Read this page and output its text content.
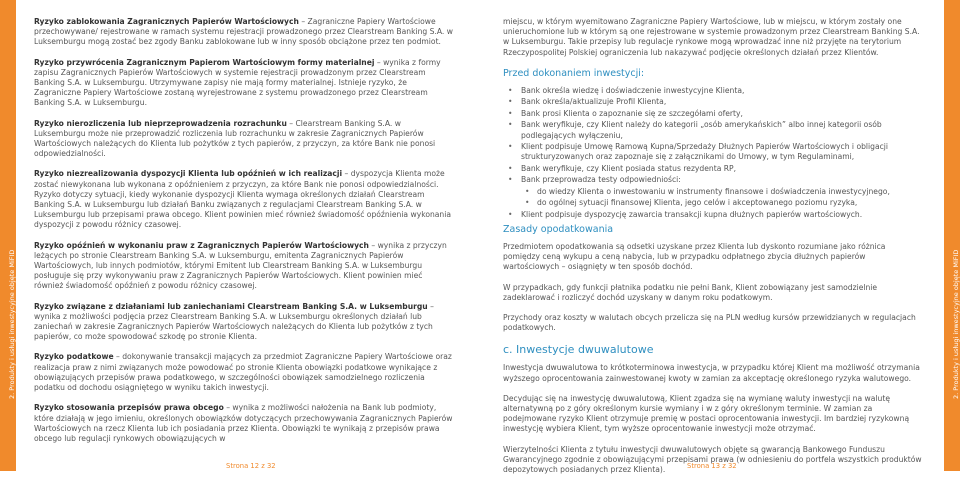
2. Produkty i usługi inwestycyjne objęte MiFID	2. Produkty i usługi inwestycyjne objęte MiFID

Ryzyko zablokowania Zagranicznych Papierów Wartościowych – Zagraniczne Papiery Wartościowe przechowywane/ rejestrowane w ramach systemu rejestracji prowadzonego przez Clearstream Banking S.A. w Luksemburgu mogą zostać bez zgody Banku zablokowane lub w inny sposób obciążone przez ten podmiot.

Ryzyko przywrócenia Zagranicznym Papierom Wartościowym formy materialnej – wynika z formy zapisu Zagranicznych Papierów Wartościowych w systemie rejestracji prowadzonym przez Clearstream Banking S.A. w Luksemburgu. Utrzymywane zapisy nie mają formy materialnej. Istnieje ryzyko, że Zagraniczne Papiery Wartościowe zostaną wyrejestrowane z systemu prowadzonego przez Clearstream Banking S.A. w Luksemburgu.

Ryzyko nierozliczenia lub nieprzeprowadzenia rozrachunku – Clearstream Banking S.A. w Luksemburgu może nie przeprowadzić rozliczenia lub rozrachunku w zakresie Zagranicznych Papierów Wartościowych należących do Klienta lub pożytków z tych papierów, z przyczyn, za które Bank nie ponosi odpowiedzialności.

Ryzyko niezrealizowania dyspozycji Klienta lub opóźnień w ich realizacji – dyspozycja Klienta może zostać niewykonana lub wykonana z opóźnieniem z przyczyn, za które Bank nie ponosi odpowiedzialności. Ryzyko dotyczy sytuacji, kiedy wykonanie dyspozycji Klienta wymaga określonych działań Clearstream Banking S.A. w Luksemburgu lub działań Banku związanych z regulacjami Clearstream Banking S.A. w Luksemburgu lub przepisami prawa obcego. Klient powinien mieć również świadomość opóźnienia wykonania dyspozycji z powodu różnicy czasowej.

Ryzyko opóźnień w wykonaniu praw z Zagranicznych Papierów Wartościowych – wynika z przyczyn leżących po stronie Clearstream Banking S.A. w Luksemburgu, emitenta Zagranicznych Papierów Wartościowych, lub innych podmiotów, którymi Emitent lub Clearstream Banking S.A. w Luksemburgu posługuje się przy wykonywaniu praw z Zagranicznych Papierów Wartościowych. Klient powinien mieć również świadomość opóźnień z powodu różnicy czasowej.

Ryzyko związane z działaniami lub zaniechaniami Clearstream Banking S.A. w Luksemburgu – wynika z możliwości podjęcia przez Clearstream Banking S.A. w Luksemburgu określonych działań lub zaniechań w zakresie Zagranicznych Papierów Wartościowych należących do Klienta lub pożytków z tych papierów, co może spowodować szkodę po stronie Klienta.

Ryzyko podatkowe – dokonywanie transakcji mających za przedmiot Zagraniczne Papiery Wartościowe oraz realizacja praw z nimi związanych może powodować po stronie Klienta obowiązki podatkowe wynikające z obowiązujących przepisów prawa podatkowego, w szczególności obowiązek samodzielnego rozliczenia podatku od dochodu osiągniętego w wyniku takich inwestycji.

Ryzyko stosowania przepisów prawa obcego – wynika z możliwości nałożenia na Bank lub podmioty, które działają w jego imieniu, określonych obowiązków dotyczących przechowywania Zagranicznych Papierów Wartościowych na rzecz Klienta lub ich posiadania przez Klienta. Obowiązki te wynikają z przepisów prawa obcego lub regulacji rynkowych obowiązujących w

miejscu, w którym wyemitowano Zagraniczne Papiery Wartościowe, lub w miejscu, w którym zostały one unieruchomione lub w którym są one rejestrowane w systemie prowadzonym przez Clearstream Banking S.A. w Luksemburgu. Takie przepisy lub regulacje rynkowe mogą wprowadzać inne niż przyjęte na terytorium Rzeczypospolitej Polskiej ograniczenia lub nakazywać podjęcie określonych działań przez Klientów.

Przed dokonaniem inwestycji:
• Bank określa wiedzę i doświadczenie inwestycyjne Klienta,
• Bank określa/aktualizuje Profil Klienta,
• Bank prosi Klienta o zapoznanie się ze szczegółami oferty,
• Bank weryfikuje, czy Klient należy do kategorii „osób amerykańskich” albo innej kategorii osób podlegających wyłączeniu,
• Klient podpisuje Umowę Ramową Kupna/Sprzedaży Dłużnych Papierów Wartościowych i obligacji strukturyzowanych oraz zapoznaje się z załącznikami do Umowy, w tym Regulaminami,
• Bank weryfikuje, czy Klient posiada status rezydenta RP,
• Bank przeprowadza testy odpowiedniości:
• do wiedzy Klienta o inwestowaniu w instrumenty finansowe i doświadczenia inwestycyjnego,
• do ogólnej sytuacji finansowej Klienta, jego celów i akceptowanego poziomu ryzyka,
• Klient podpisuje dyspozycję zawarcia transakcji kupna dłużnych papierów wartościowych.
Zasady opodatkowania

Przedmiotem opodatkowania są odsetki uzyskane przez Klienta lub dyskonto rozumiane jako różnica pomiędzy ceną wykupu a ceną nabycia, lub w przypadku odpłatnego zbycia dłużnych papierów wartościowych – osiągnięty w ten sposób dochód.

W przypadkach, gdy funkcji płatnika podatku nie pełni Bank, Klient zobowiązany jest samodzielnie zadeklarować i rozliczyć dochód uzyskany w danym roku podatkowym.

Przychody oraz koszty w walutach obcych przelicza się na PLN według kursów przewidzianych w regulacjach podatkowych.

c. Inwestycje dwuwalutowe

Inwestycja dwuwalutowa to krótkoterminowa inwestycja, w przypadku której Klient ma możliwość otrzymania wyższego oprocentowania zainwestowanej kwoty w zamian za akceptację określonego ryzyka walutowego.

Decydując się na inwestycję dwuwalutową, Klient zgadza się na wymianę waluty inwestycji na walutę alternatywną po z góry określonym kursie wymiany i w z góry określonym terminie. W zamian za podejmowane ryzyko Klient otrzymuje premię w postaci oprocentowania inwestycji. Im bardziej ryzykowną inwestycję wybiera Klient, tym wyższe oprocentowanie inwestycji może otrzymać.

Wierzytelności Klienta z tytułu inwestycji dwuwalutowych objęte są gwarancją Bankowego Funduszu Gwarancyjnego zgodnie z obowiązującymi przepisami prawa (w odniesieniu do portfela wszystkich produktów depozytowych posiadanych przez Klienta).

Strona 12 z 32	Strona 13 z 32
